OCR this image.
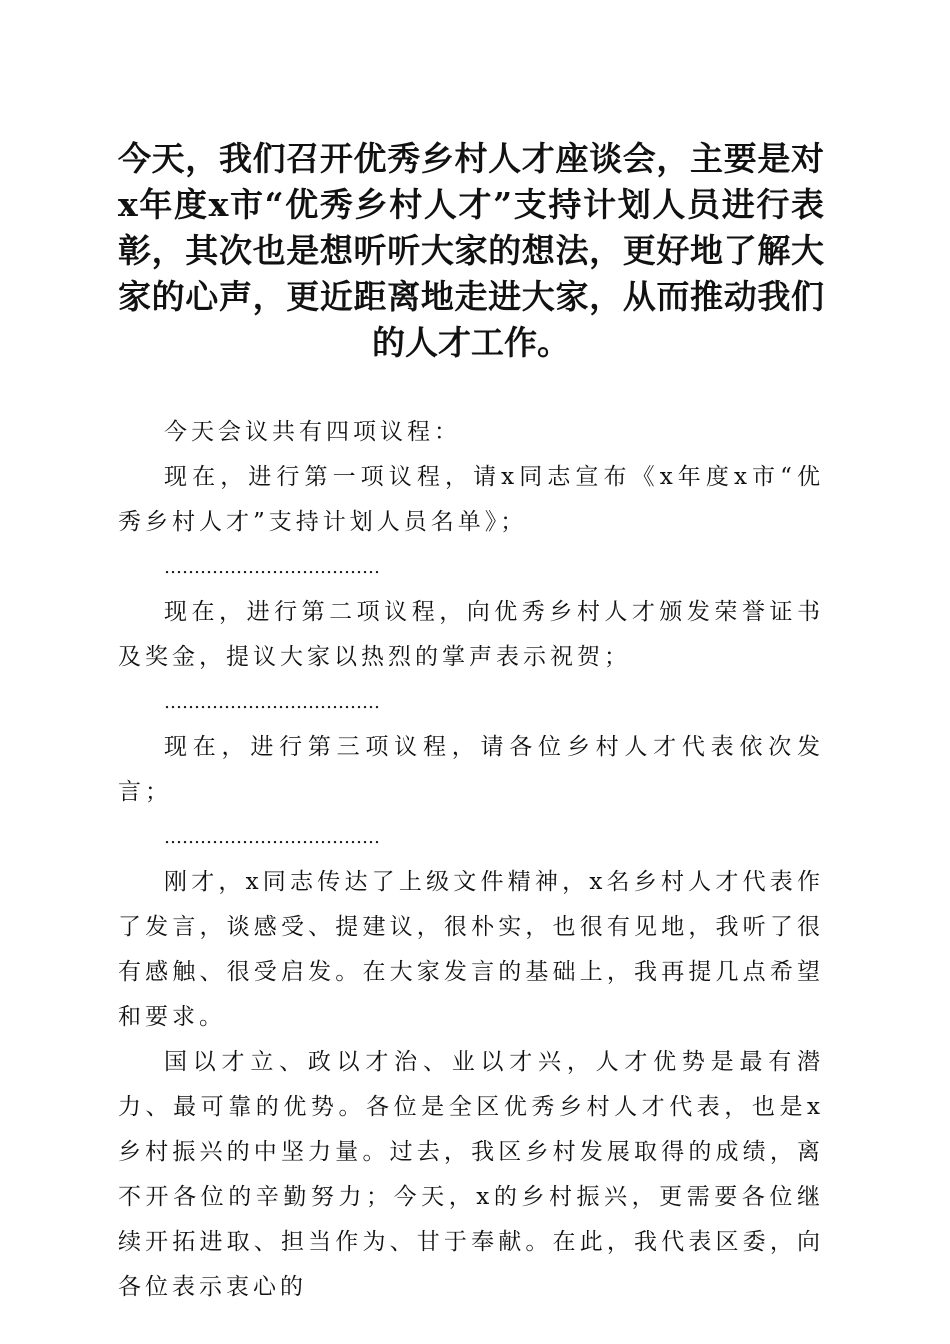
今天，我们召开优秀乡村人才座谈会，主要是对x年度x市“优秀乡村人才”支持计划人员进行表彰，其次也是想听听大家的想法，更好地了解大家的心声，更近距离地走进大家，从而推动我们的人才工作。

今天会议共有四项议程：

现在，进行第一项议程，请x同志宣布《x年度x市“优秀乡村人才”支持计划人员名单》；

………………………………

现在，进行第二项议程，向优秀乡村人才颁发荣誉证书及奖金，提议大家以热烈的掌声表示祝贺；

………………………………

现在，进行第三项议程，请各位乡村人才代表依次发言；

………………………………

刚才，x同志传达了上级文件精神，x名乡村人才代表作了发言，谈感受、提建议，很朴实，也很有见地，我听了很有感触、很受启发。在大家发言的基础上，我再提几点希望和要求。

国以才立、政以才治、业以才兴，人才优势是最有潜力、最可靠的优势。各位是全区优秀乡村人才代表，也是x乡村振兴的中坚力量。过去，我区乡村发展取得的成绩，离不开各位的辛勤努力；今天，x的乡村振兴，更需要各位继续开拓进取、担当作为、甘于奉献。在此，我代表区委，向各位表示衷心的
